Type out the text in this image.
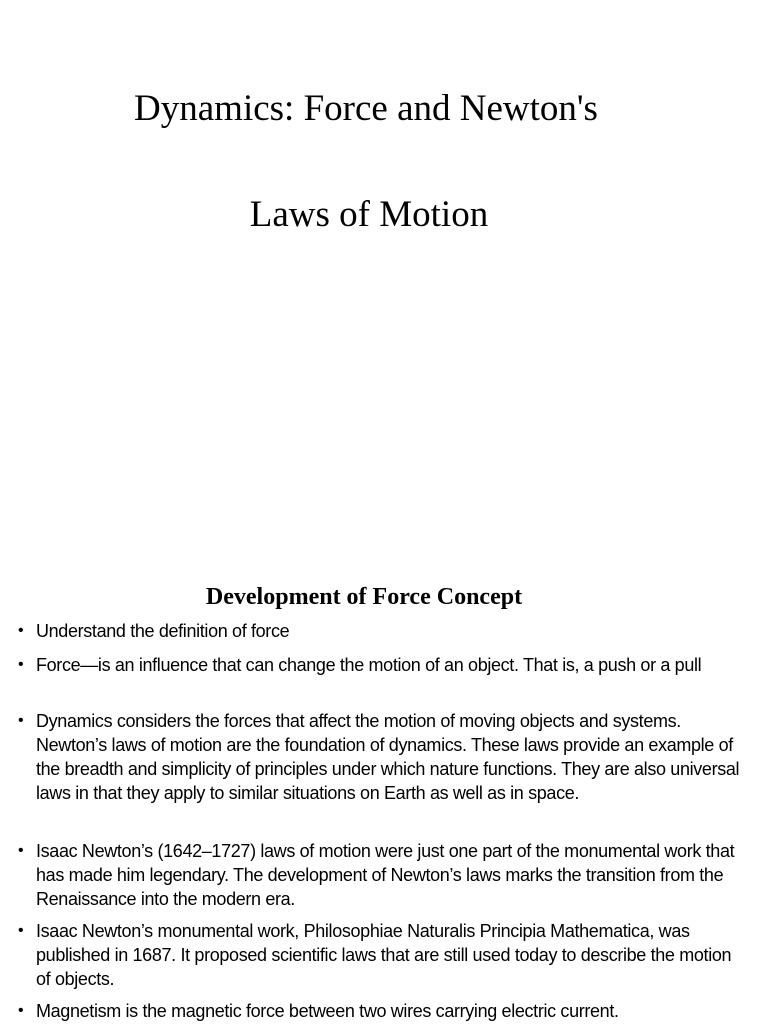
Dynamics: Force and Newton's
Laws of Motion
Development of Force Concept
• Understand the definition of force
• Force—is an influence that can change the motion of an object. That is, a push or a pull
• Dynamics considers the forces that affect the motion of moving objects and systems. Newton’s laws of motion are the foundation of dynamics. These laws provide an example of the breadth and simplicity of principles under which nature functions. They are also universal laws in that they apply to similar situations on Earth as well as in space.
• Isaac Newton’s (1642–1727) laws of motion were just one part of the monumental work that has made him legendary. The development of Newton’s laws marks the transition from the Renaissance into the modern era.
• Isaac Newton’s monumental work, Philosophiae Naturalis Principia Mathematica, was published in 1687. It proposed scientific laws that are still used today to describe the motion of objects.
• Magnetism is the magnetic force between two wires carrying electric current.
